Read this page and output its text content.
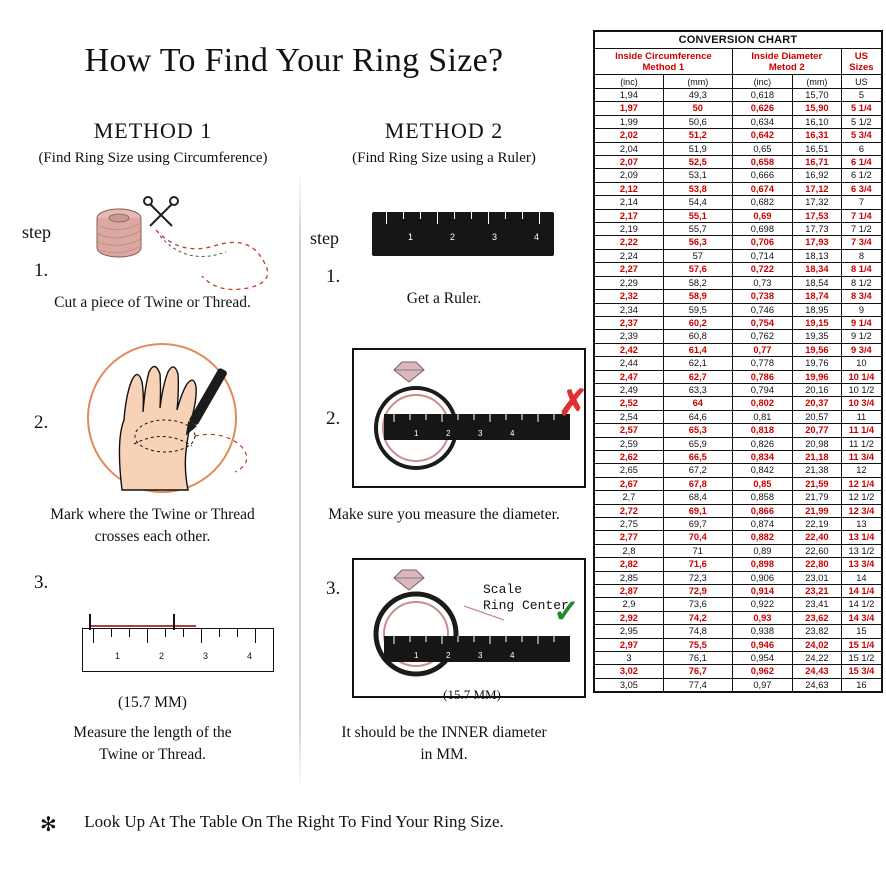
How To Find Your Ring Size?
METHOD 1
(Find Ring Size using Circumference)
METHOD 2
(Find Ring Size using a Ruler)
step
1.
Cut a piece of Twine or Thread.
2.
Mark where the Twine or Thread
crosses each other.
3.
1	2	3	4
(15.7 MM)
Measure the length of the
Twine or Thread.
step
1.
1	2	3	4
Get a Ruler.
2.
1	2	3	4
✗
Make sure you measure the diameter.
3.
1	2	3	4
Scale
Ring Center
✓
(15.7 MM)
It should be the INNER diameter
in MM.
✻	Look Up At The Table On The Right To Find Your Ring Size.
CONVERSION CHART				

Inside Circumference
Method 1

Inside Diameter
Metod 2
	US Sizes
(inc)	(mm)	(inc)	(mm)	US
1,94	49,3	0,618	15,70	5
1,97	50	0,626	15,90	5 1/4
1,99	50,6	0,634	16,10	5 1/2
2,02	51,2	0,642	16,31	5 3/4
2,04	51,9	0,65	16,51	6
2,07	52,5	0,658	16,71	6 1/4
2,09	53,1	0,666	16,92	6 1/2
2,12	53,8	0,674	17,12	6 3/4
2,14	54,4	0,682	17,32	7
2,17	55,1	0,69	17,53	7 1/4
2,19	55,7	0,698	17,73	7 1/2
2,22	56,3	0,706	17,93	7 3/4
2,24	57	0,714	18,13	8
2,27	57,6	0,722	18,34	8 1/4
2,29	58,2	0,73	18,54	8 1/2
2,32	58,9	0,738	18,74	8 3/4
2,34	59,5	0,746	18,95	9
2,37	60,2	0,754	19,15	9 1/4
2,39	60,8	0,762	19,35	9 1/2
2,42	61,4	0,77	19,56	9 3/4
2,44	62,1	0,778	19,76	10
2,47	62,7	0,786	19,96	10 1/4
2,49	63,3	0,794	20,16	10 1/2
2,52	64	0,802	20,37	10 3/4
2,54	64,6	0,81	20,57	11
2,57	65,3	0,818	20,77	11 1/4
2,59	65,9	0,826	20,98	11 1/2
2,62	66,5	0,834	21,18	11 3/4
2,65	67,2	0,842	21,38	12
2,67	67,8	0,85	21,59	12 1/4
2,7	68,4	0,858	21,79	12 1/2
2,72	69,1	0,866	21,99	12 3/4
2,75	69,7	0,874	22,19	13
2,77	70,4	0,882	22,40	13 1/4
2,8	71	0,89	22,60	13 1/2
2,82	71,6	0,898	22,80	13 3/4
2,85	72,3	0,906	23,01	14
2,87	72,9	0,914	23,21	14 1/4
2,9	73,6	0,922	23,41	14 1/2
2,92	74,2	0,93	23,62	14 3/4
2,95	74,8	0,938	23,82	15
2,97	75,5	0,946	24,02	15 1/4
3	76,1	0,954	24,22	15 1/2
3,02	76,7	0,962	24,43	15 3/4
3,05	77,4	0,97	24,63	16
